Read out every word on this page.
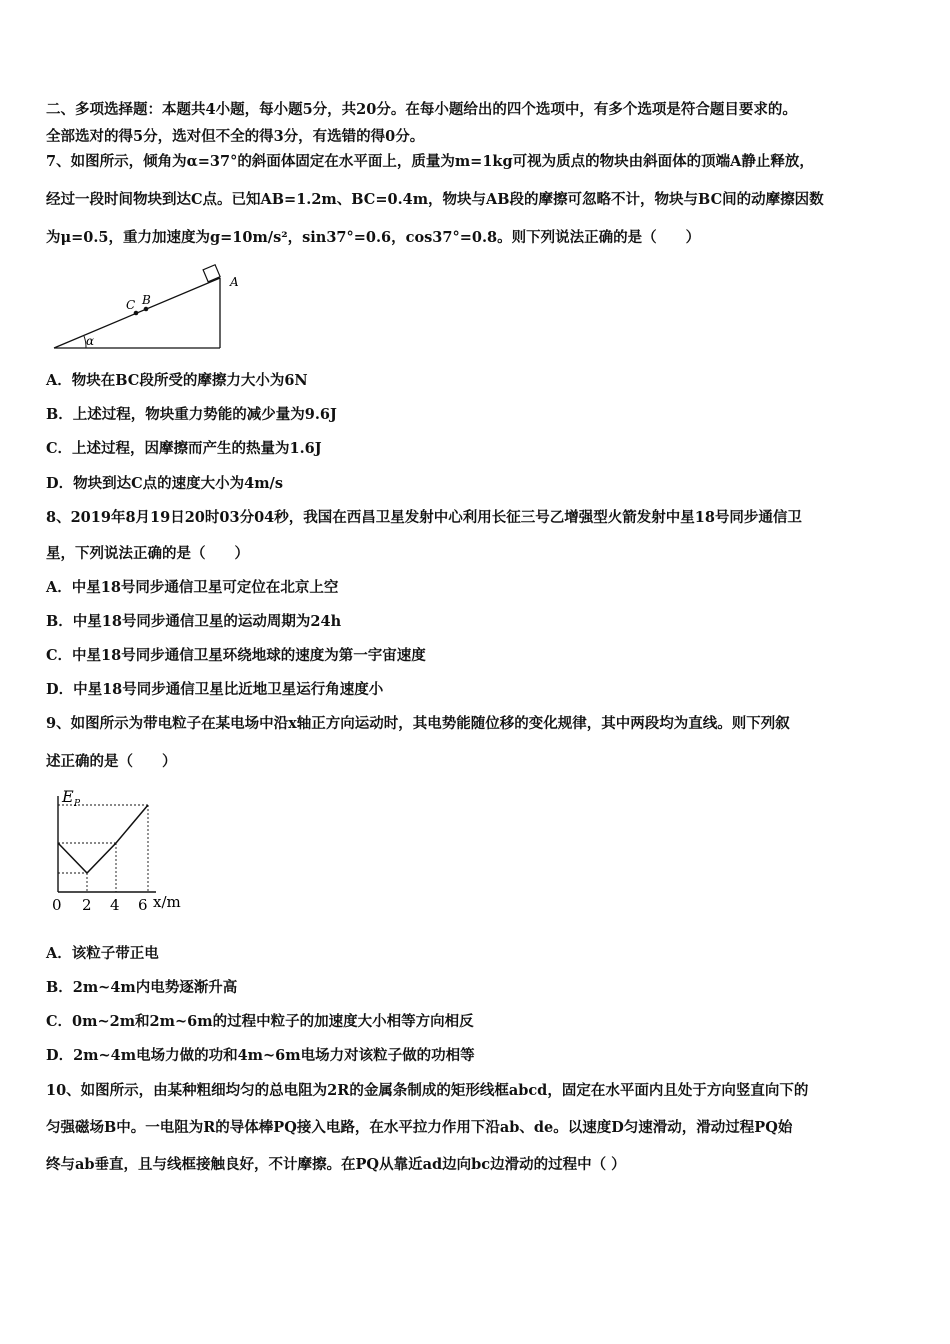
二、多项选择题：本题共4小题，每小题5分，共20分。在每小题给出的四个选项中，有多个选项是符合题目要求的。
全部选对的得5分，选对但不全的得3分，有选错的得0分。
7、如图所示，倾角为α=37°的斜面体固定在水平面上，质量为m=1kg可视为质点的物块由斜面体的顶端A静止释放，
经过一段时间物块到达C点。已知AB=1.2m、BC=0.4m，物块与AB段的摩擦可忽略不计，物块与BC间的动摩擦因数
为μ=0.5，重力加速度为g=10m/s²，sin37°=0.6，cos37°=0.8。则下列说法正确的是（　　）
α
A
B
C
A．物块在BC段所受的摩擦力大小为6N
B．上述过程，物块重力势能的减少量为9.6J
C．上述过程，因摩擦而产生的热量为1.6J
D．物块到达C点的速度大小为4m/s
8、2019年8月19日20时03分04秒，我国在西昌卫星发射中心利用长征三号乙增强型火箭发射中星18号同步通信卫
星，下列说法正确的是（　　）
A．中星18号同步通信卫星可定位在北京上空
B．中星18号同步通信卫星的运动周期为24h
C．中星18号同步通信卫星环绕地球的速度为第一宇宙速度
D．中星18号同步通信卫星比近地卫星运行角速度小
9、如图所示为带电粒子在某电场中沿x轴正方向运动时，其电势能随位移的变化规律，其中两段均为直线。则下列叙
述正确的是（　　）
E P
0 2 4 6 x/m
A．该粒子带正电
B．2m~4m内电势逐渐升高
C．0m~2m和2m~6m的过程中粒子的加速度大小相等方向相反
D．2m~4m电场力做的功和4m~6m电场力对该粒子做的功相等
10、如图所示，由某种粗细均匀的总电阻为2R的金属条制成的矩形线框abcd，固定在水平面内且处于方向竖直向下的
匀强磁场B中。一电阻为R的导体棒PQ接入电路，在水平拉力作用下沿ab、de。以速度D匀速滑动，滑动过程PQ始
终与ab垂直，且与线框接触良好，不计摩擦。在PQ从靠近ad边向bc边滑动的过程中（ ）
